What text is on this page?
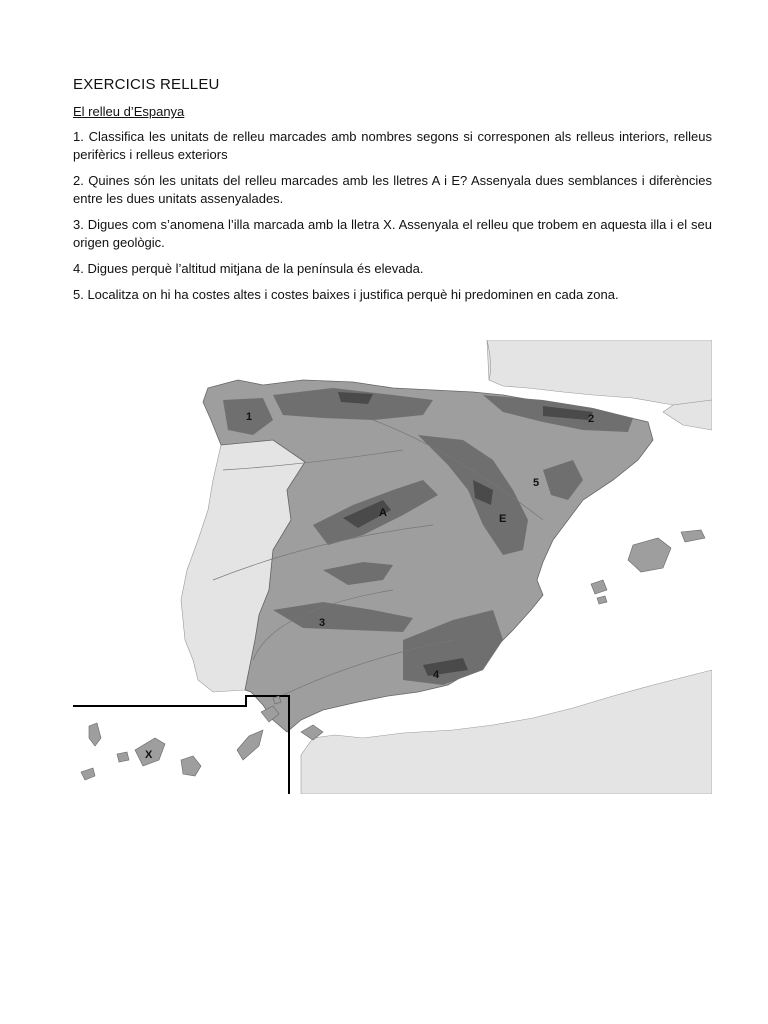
EXERCICIS RELLEU
El relleu d’Espanya

1. Classifica les unitats de relleu marcades amb nombres segons si corresponen als relleus interiors, relleus perifèrics i relleus exteriors

2. Quines són les unitats del relleu marcades amb les lletres A i E? Assenyala dues semblances i diferències entre les dues unitats assenyalades.

3. Digues com s’anomena l’illa marcada amb la lletra X. Assenyala el relleu que trobem en aquesta illa i el seu origen geològic.

4. Digues perquè l’altitud mitjana de la península és elevada.

5. Localitza on hi ha costes altes i costes baixes i justifica perquè hi predominen en cada zona.

1	2
3
4
5
A	E
X
